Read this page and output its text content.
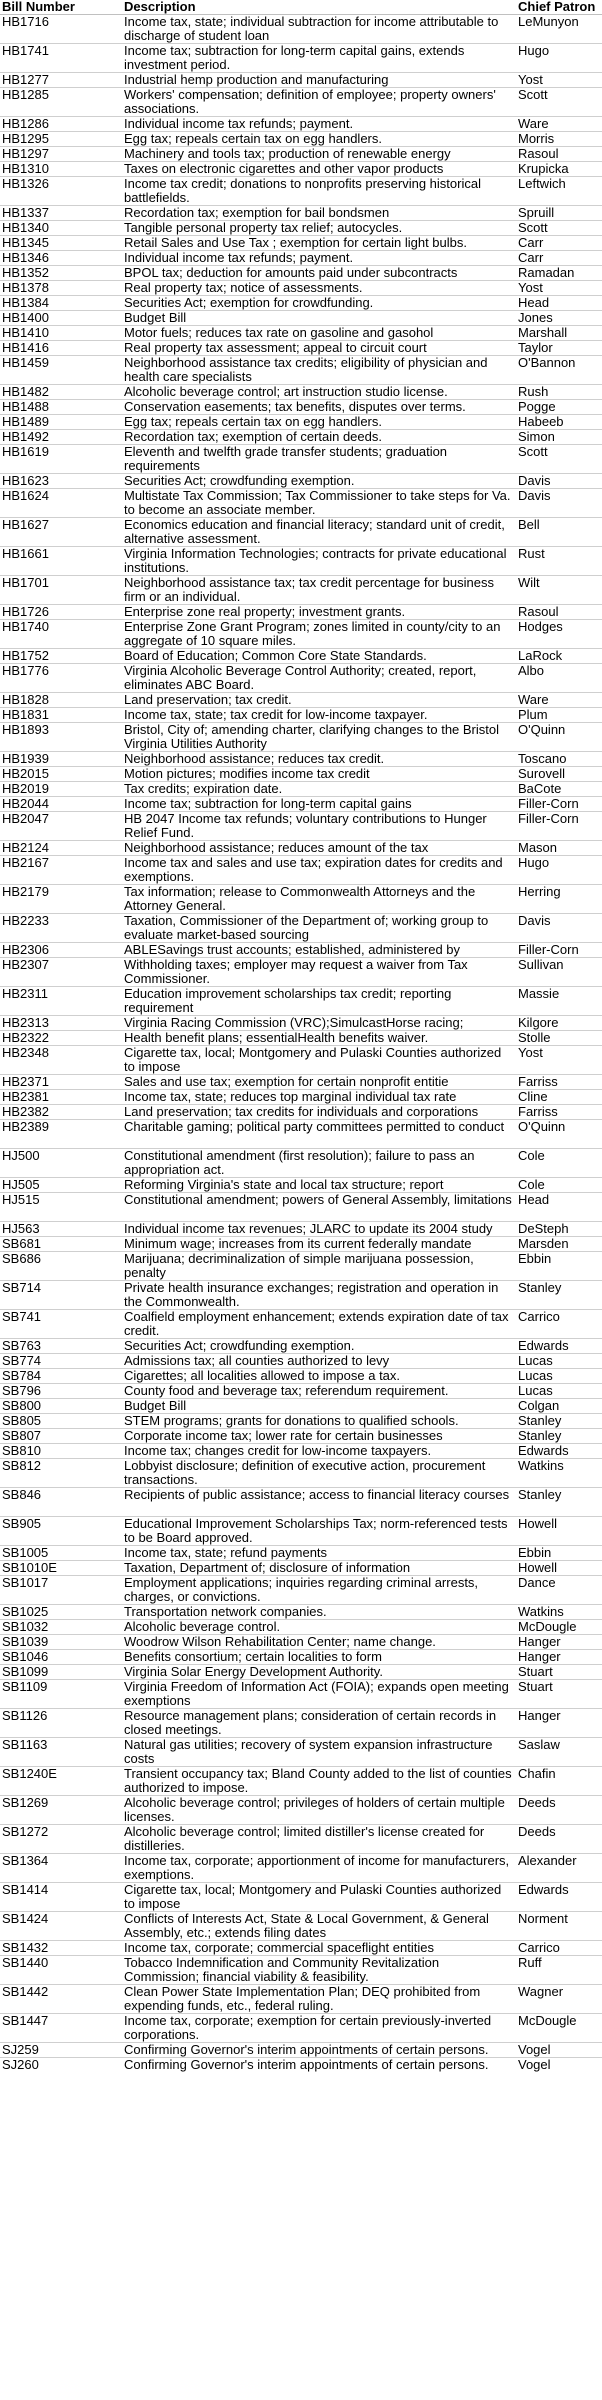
Bill Number	Description	Chief Patron
HB1716	Income tax, state; individual subtraction for income attributable to discharge of student loan	LeMunyon
HB1741	Income tax; subtraction for long-term capital gains, extends investment period.	Hugo
HB1277	Industrial hemp production and manufacturing	Yost
HB1285	Workers' compensation; definition of employee; property owners' associations.	Scott
HB1286	Individual income tax refunds; payment.	Ware
HB1295	Egg tax; repeals certain tax on egg handlers.	Morris
HB1297	Machinery and tools tax; production of renewable energy	Rasoul
HB1310	Taxes on electronic cigarettes and other vapor products	Krupicka
HB1326	Income tax credit; donations to nonprofits preserving historical battlefields.	Leftwich
HB1337	Recordation tax; exemption for bail bondsmen	Spruill
HB1340	Tangible personal property tax relief; autocycles.	Scott
HB1345	Retail Sales and Use Tax ; exemption for certain light bulbs.	Carr
HB1346	Individual income tax refunds; payment.	Carr
HB1352	BPOL tax; deduction for amounts paid under subcontracts	Ramadan
HB1378	Real property tax; notice of assessments.	Yost
HB1384	Securities Act; exemption for crowdfunding.	Head
HB1400	Budget Bill	Jones
HB1410	Motor fuels; reduces tax rate on gasoline and gasohol	Marshall
HB1416	Real property tax assessment; appeal to circuit court	Taylor
HB1459	Neighborhood assistance tax credits; eligibility of physician and health care specialists	O'Bannon
HB1482	Alcoholic beverage control; art instruction studio license.	Rush
HB1488	Conservation easements; tax benefits, disputes over terms.	Pogge
HB1489	Egg tax; repeals certain tax on egg handlers.	Habeeb
HB1492	Recordation tax; exemption of certain deeds.	Simon
HB1619	Eleventh and twelfth grade transfer students; graduation requirements	Scott
HB1623	Securities Act; crowdfunding exemption.	Davis
HB1624	Multistate Tax Commission; Tax Commissioner to take steps for Va. to become an associate member.	Davis
HB1627	Economics education and financial literacy; standard unit of credit, alternative assessment.	Bell
HB1661	Virginia Information Technologies; contracts for private educational institutions.	Rust
HB1701	Neighborhood assistance tax; tax credit percentage for business firm or an individual.	Wilt
HB1726	Enterprise zone real property; investment grants.	Rasoul
HB1740	Enterprise Zone Grant Program; zones limited in county/city to an aggregate of 10 square miles.	Hodges
HB1752	Board of Education; Common Core State Standards.	LaRock
HB1776	Virginia Alcoholic Beverage Control Authority; created, report, eliminates ABC Board.	Albo
HB1828	Land preservation; tax credit.	Ware
HB1831	Income tax, state; tax credit for low-income taxpayer.	Plum
HB1893	Bristol, City of; amending charter, clarifying changes to the Bristol Virginia Utilities Authority	O'Quinn
HB1939	Neighborhood assistance; reduces tax credit.	Toscano
HB2015	Motion pictures; modifies income tax credit	Surovell
HB2019	Tax credits; expiration date.	BaCote
HB2044	Income tax; subtraction for long-term capital gains	Filler-Corn
HB2047	HB 2047 Income tax refunds; voluntary contributions to Hunger Relief Fund.	Filler-Corn
HB2124	Neighborhood assistance; reduces amount of the tax	Mason
HB2167	Income tax and sales and use tax; expiration dates for credits and exemptions.	Hugo
HB2179	Tax information; release to Commonwealth Attorneys and the Attorney General.	Herring
HB2233	Taxation, Commissioner of the Department of; working group to evaluate market-based sourcing	Davis
HB2306	ABLESavings trust accounts; established, administered by	Filler-Corn
HB2307	Withholding taxes; employer may request a waiver from Tax Commissioner.	Sullivan
HB2311	Education improvement scholarships tax credit; reporting requirement	Massie
HB2313	Virginia Racing Commission (VRC);SimulcastHorse racing;	Kilgore
HB2322	Health benefit plans; essentialHealth benefits waiver.	Stolle
HB2348	Cigarette tax, local; Montgomery and Pulaski Counties authorized to impose	Yost
HB2371	Sales and use tax; exemption for certain nonprofit entitie	Farriss
HB2381	Income tax, state; reduces top marginal individual tax rate	Cline
HB2382	Land preservation; tax credits for individuals and corporations	Farriss
HB2389	Charitable gaming; political party committees permitted to conduct	O'Quinn
HJ500	Constitutional amendment (first resolution); failure to pass an appropriation act.	Cole
HJ505	Reforming Virginia's state and local tax structure; report	Cole
HJ515	Constitutional amendment; powers of General Assembly, limitations	Head
HJ563	Individual income tax revenues; JLARC to update its 2004 study	DeSteph
SB681	Minimum wage; increases from its current federally mandate	Marsden
SB686	Marijuana; decriminalization of simple marijuana possession, penalty	Ebbin
SB714	Private health insurance exchanges; registration and operation in the Commonwealth.	Stanley
SB741	Coalfield employment enhancement; extends expiration date of tax credit.	Carrico
SB763	Securities Act; crowdfunding exemption.	Edwards
SB774	Admissions tax; all counties authorized to levy	Lucas
SB784	Cigarettes; all localities allowed to impose a tax.	Lucas
SB796	County food and beverage tax; referendum requirement.	Lucas
SB800	Budget Bill	Colgan
SB805	STEM programs; grants for donations to qualified schools.	Stanley
SB807	Corporate income tax; lower rate for certain businesses	Stanley
SB810	Income tax; changes credit for low-income taxpayers.	Edwards
SB812	Lobbyist disclosure; definition of executive action, procurement transactions.	Watkins
SB846	Recipients of public assistance; access to financial literacy courses	Stanley
SB905	Educational Improvement Scholarships Tax; norm-referenced tests to be Board approved.	Howell
SB1005	Income tax, state; refund payments	Ebbin
SB1010E	Taxation, Department of; disclosure of information	Howell
SB1017	Employment applications; inquiries regarding criminal arrests, charges, or convictions.	Dance
SB1025	Transportation network companies.	Watkins
SB1032	Alcoholic beverage control.	McDougle
SB1039	Woodrow Wilson Rehabilitation Center; name change.	Hanger
SB1046	Benefits consortium; certain localities to form	Hanger
SB1099	Virginia Solar Energy Development Authority.	Stuart
SB1109	Virginia Freedom of Information Act (FOIA); expands open meeting exemptions	Stuart
SB1126	Resource management plans; consideration of certain records in closed meetings.	Hanger
SB1163	Natural gas utilities; recovery of system expansion infrastructure costs	Saslaw
SB1240E	Transient occupancy tax; Bland County added to the list of counties authorized to impose.	Chafin
SB1269	Alcoholic beverage control; privileges of holders of certain multiple licenses.	Deeds
SB1272	Alcoholic beverage control; limited distiller's license created for distilleries.	Deeds
SB1364	Income tax, corporate; apportionment of income for manufacturers, exemptions.	Alexander
SB1414	Cigarette tax, local; Montgomery and Pulaski Counties authorized to impose	Edwards
SB1424	Conflicts of Interests Act, State & Local Government, & General Assembly, etc.; extends filing dates	Norment
SB1432	Income tax, corporate; commercial spaceflight entities	Carrico
SB1440	Tobacco Indemnification and Community Revitalization Commission; financial viability & feasibility.	Ruff
SB1442	Clean Power State Implementation Plan; DEQ prohibited from expending funds, etc., federal ruling.	Wagner
SB1447	Income tax, corporate; exemption for certain previously-inverted corporations.	McDougle
SJ259	Confirming Governor's interim appointments of certain persons.	Vogel
SJ260	Confirming Governor's interim appointments of certain persons.	Vogel
